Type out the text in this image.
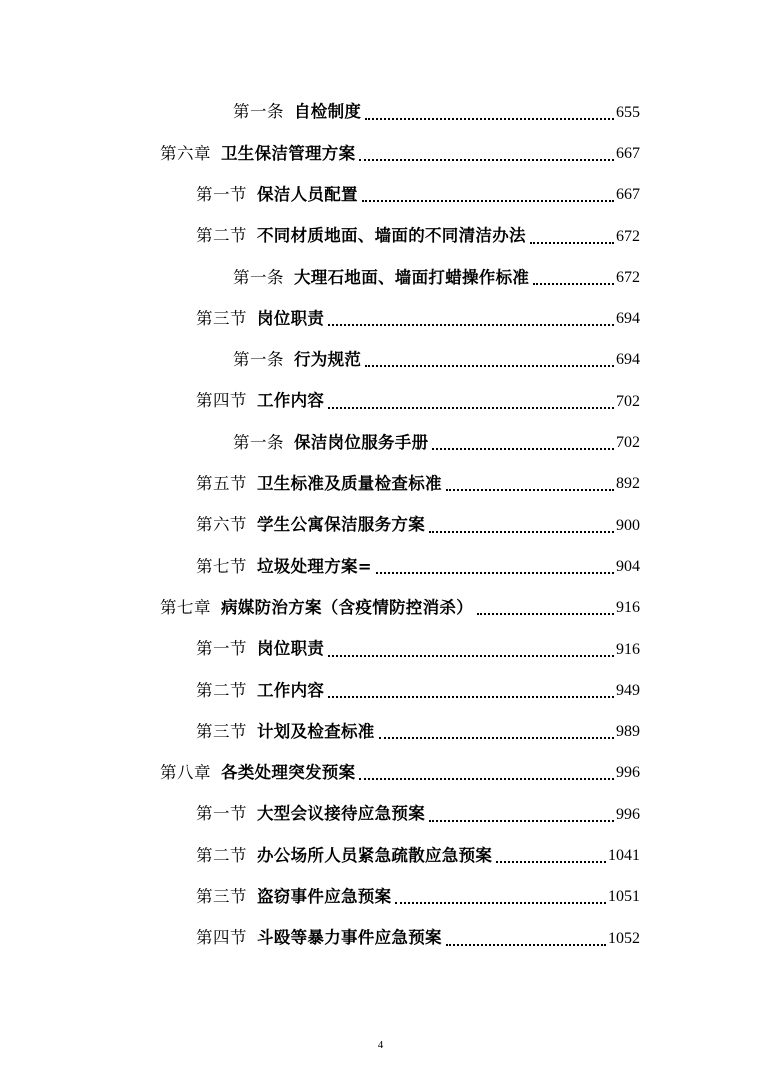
第一条 自检制度	655
第六章 卫生保洁管理方案	667
第一节 保洁人员配置	667
第二节 不同材质地面、墙面的不同清洁办法	672
第一条 大理石地面、墙面打蜡操作标准	672
第三节 岗位职责	694
第一条 行为规范	694
第四节 工作内容	702
第一条 保洁岗位服务手册	702
第五节 卫生标准及质量检查标准	892
第六节 学生公寓保洁服务方案	900
第七节 垃圾处理方案=	904
第七章 病媒防治方案（含疫情防控消杀）	916
第一节 岗位职责	916
第二节 工作内容	949
第三节 计划及检查标准	989
第八章 各类处理突发预案	996
第一节 大型会议接待应急预案	996
第二节 办公场所人员紧急疏散应急预案	1041
第三节 盗窃事件应急预案	1051
第四节 斗殴等暴力事件应急预案	1052
4
